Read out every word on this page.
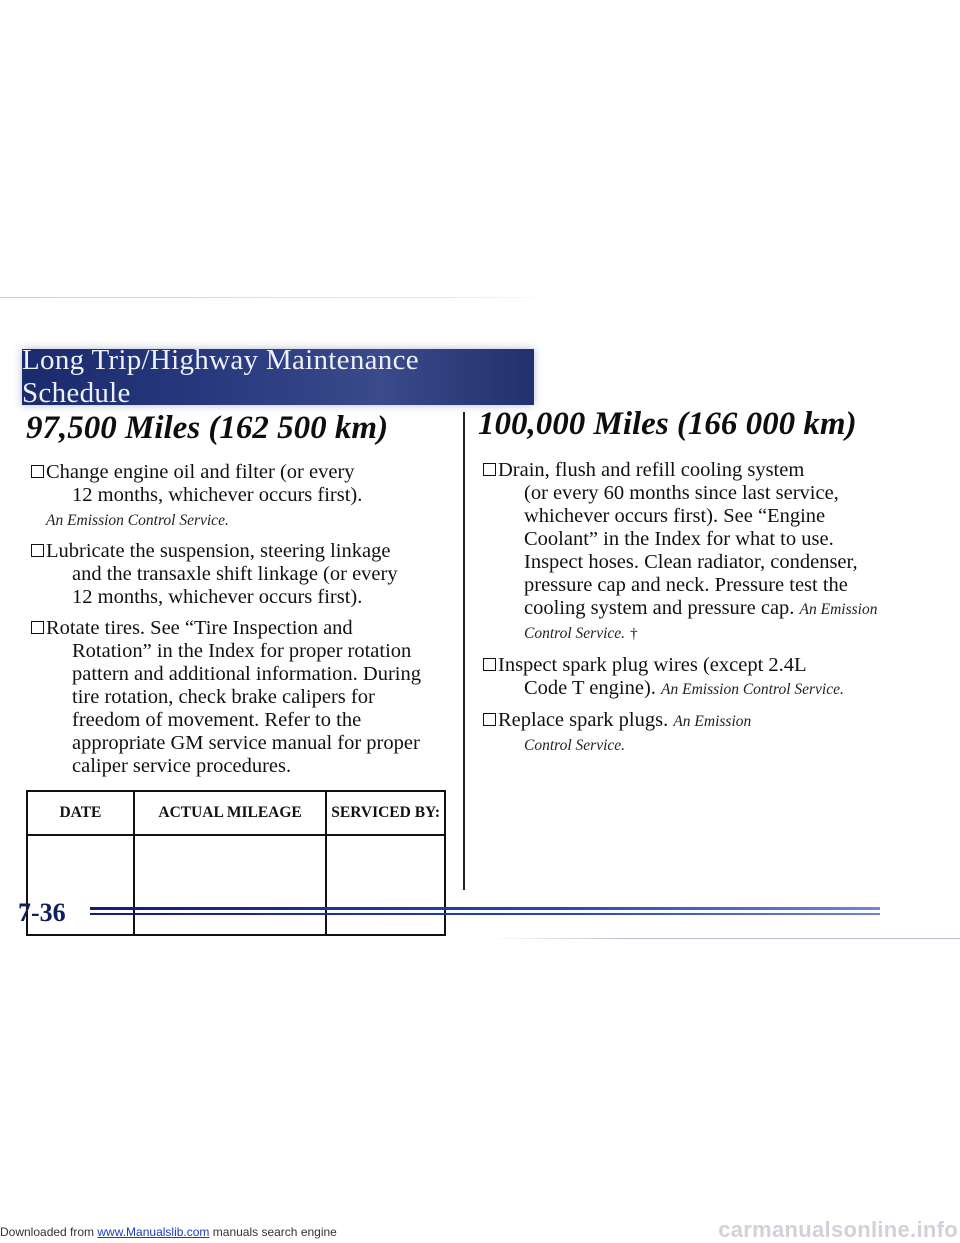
Long Trip/Highway Maintenance Schedule
97,500 Miles (162 500 km)
Change engine oil and filter (or every
12 months, whichever occurs first).
An Emission Control Service.
Lubricate the suspension, steering linkage
and the transaxle shift linkage (or every
12 months, whichever occurs first).
Rotate tires. See “Tire Inspection and
Rotation” in the Index for proper rotation
pattern and additional information. During
tire rotation, check brake calipers for
freedom of movement. Refer to the
appropriate GM service manual for proper
caliper service procedures.
DATE	ACTUAL MILEAGE	SERVICED BY:

100,000 Miles (166 000 km)
Drain, flush and refill cooling system
(or every 60 months since last service,
whichever occurs first). See “Engine
Coolant” in the Index for what to use.
Inspect hoses. Clean radiator, condenser,
pressure cap and neck. Pressure test the
cooling system and pressure cap. An Emission
Control Service. †
Inspect spark plug wires (except 2.4L
Code T engine). An Emission Control Service.
Replace spark plugs. An Emission
Control Service.
7-36
Downloaded from www.Manualslib.com manuals search engine	carmanualsonline.info
